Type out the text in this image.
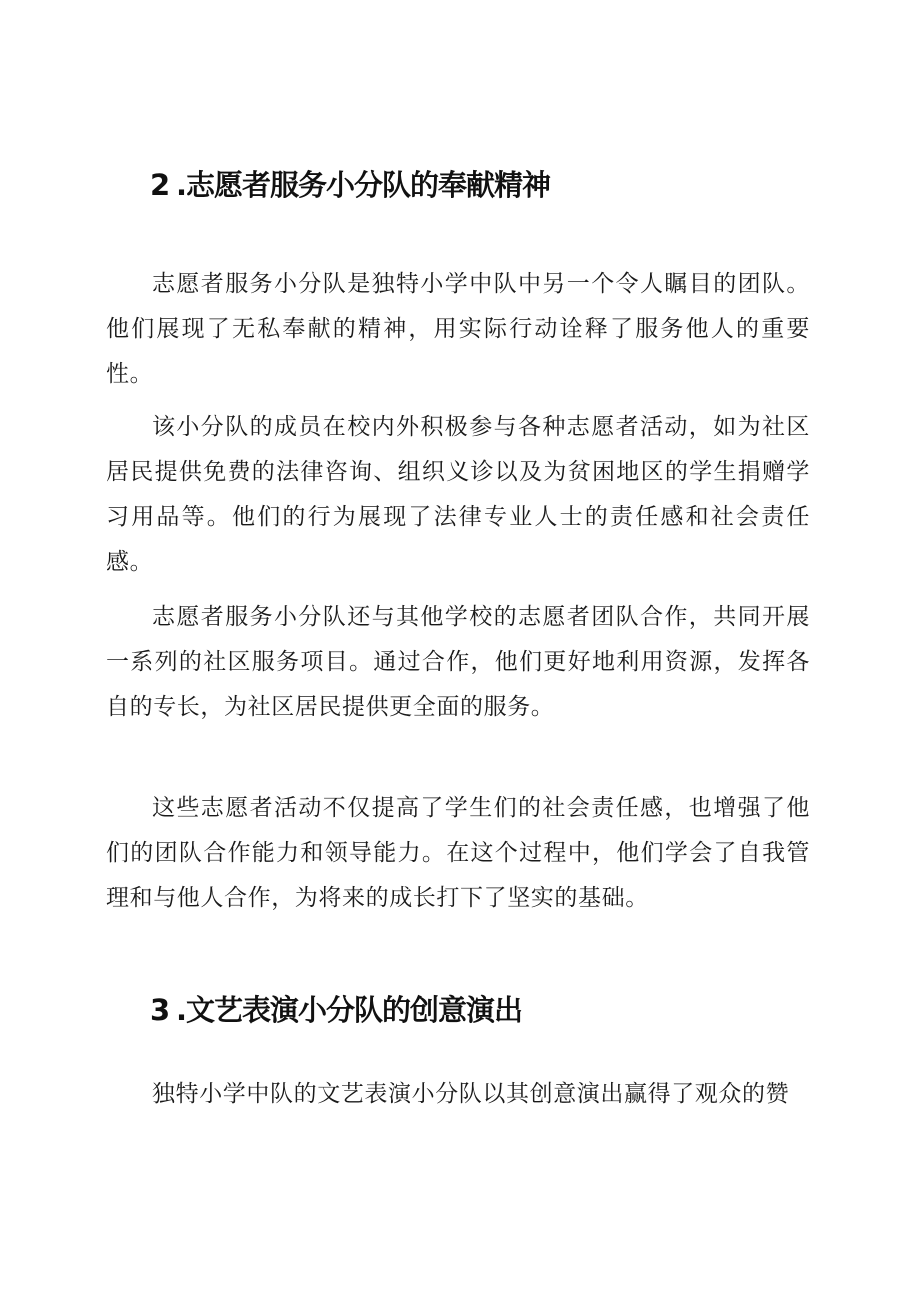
2 .志愿者服务小分队的奉献精神

志愿者服务小分队是独特小学中队中另一个令人瞩目的团队。他们展现了无私奉献的精神，用实际行动诠释了服务他人的重要性。

该小分队的成员在校内外积极参与各种志愿者活动，如为社区居民提供免费的法律咨询、组织义诊以及为贫困地区的学生捐赠学习用品等。他们的行为展现了法律专业人士的责任感和社会责任感。

志愿者服务小分队还与其他学校的志愿者团队合作，共同开展一系列的社区服务项目。通过合作，他们更好地利用资源，发挥各自的专长，为社区居民提供更全面的服务。

这些志愿者活动不仅提高了学生们的社会责任感，也增强了他们的团队合作能力和领导能力。在这个过程中，他们学会了自我管理和与他人合作，为将来的成长打下了坚实的基础。

3 .文艺表演小分队的创意演出

独特小学中队的文艺表演小分队以其创意演出赢得了观众的赞
